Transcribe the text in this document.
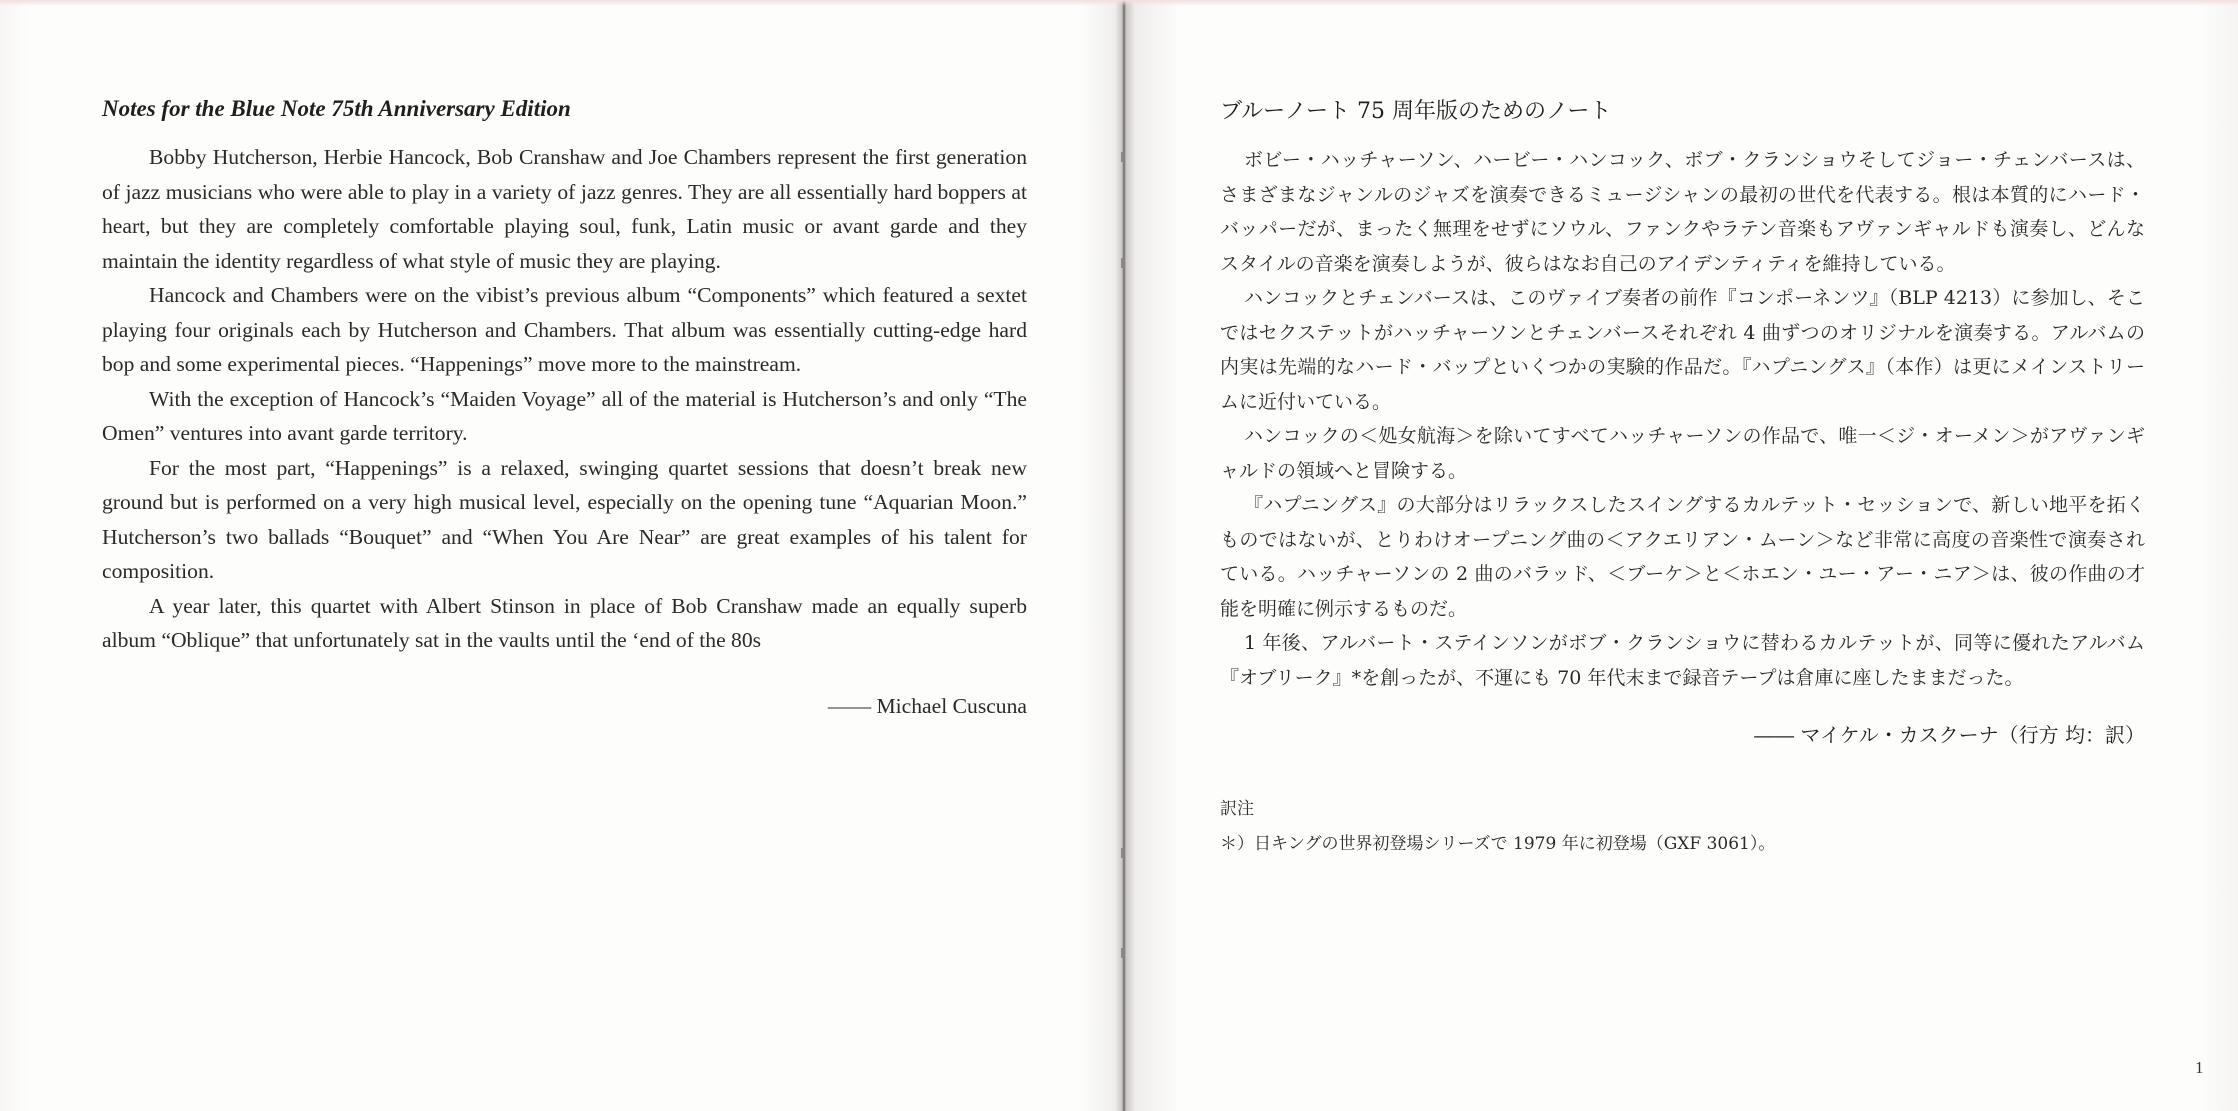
Notes for the Blue Note 75th Anniversary Edition

Bobby Hutcherson, Herbie Hancock, Bob Cranshaw and Joe Chambers represent the first generation of jazz musicians who were able to play in a variety of jazz genres. They are all essentially hard boppers at heart, but they are completely comfortable playing soul, funk, Latin music or avant garde and they maintain the identity regardless of what style of music they are playing.

Hancock and Chambers were on the vibist’s previous album “Components” which featured a sextet playing four originals each by Hutcherson and Chambers. That album was essentially cutting-edge hard bop and some experimental pieces. “Happenings” move more to the mainstream.

With the exception of Hancock’s “Maiden Voyage” all of the material is Hutcherson’s and only “The Omen” ventures into avant garde territory.

For the most part, “Happenings” is a relaxed, swinging quartet sessions that doesn’t break new ground but is performed on a very high musical level, especially on the opening tune “Aquarian Moon.” Hutcherson’s two ballads “Bouquet” and “When You Are Near” are great examples of his talent for composition.

A year later, this quartet with Albert Stinson in place of Bob Cranshaw made an equally superb album “Oblique” that unfortunately sat in the vaults until the ‘end of the 80s

—— Michael Cuscuna
ブルーノート 75 周年版のためのノート

ボビー・ハッチャーソン、ハービー・ハンコック、ボブ・クランショウそしてジョー・チェンバースは、さまざまなジャンルのジャズを演奏できるミュージシャンの最初の世代を代表する。根は本質的にハード・バッパーだが、まったく無理をせずにソウル、ファンクやラテン音楽もアヴァンギャルドも演奏し、どんなスタイルの音楽を演奏しようが、彼らはなお自己のアイデンティティを維持している。

ハンコックとチェンバースは、このヴァイブ奏者の前作『コンポーネンツ』（BLP 4213）に参加し、そこではセクステットがハッチャーソンとチェンバースそれぞれ 4 曲ずつのオリジナルを演奏する。アルバムの内実は先端的なハード・バップといくつかの実験的作品だ。『ハプニングス』（本作）は更にメインストリームに近付いている。

ハンコックの＜処女航海＞を除いてすべてハッチャーソンの作品で、唯一＜ジ・オーメン＞がアヴァンギャルドの領域へと冒険する。

『ハプニングス』の大部分はリラックスしたスイングするカルテット・セッションで、新しい地平を拓くものではないが、とりわけオープニング曲の＜アクエリアン・ムーン＞など非常に高度の音楽性で演奏されている。ハッチャーソンの 2 曲のバラッド、＜ブーケ＞と＜ホエン・ユー・アー・ニア＞は、彼の作曲の才能を明確に例示するものだ。

1 年後、アルバート・ステインソンがボブ・クランショウに替わるカルテットが、同等に優れたアルバム『オブリーク』*を創ったが、不運にも 70 年代末まで録音テープは倉庫に座したままだった。

―― マイケル・カスクーナ（行方 均：訳）
訳注
＊）日キングの世界初登場シリーズで 1979 年に初登場（GXF 3061）。
1
